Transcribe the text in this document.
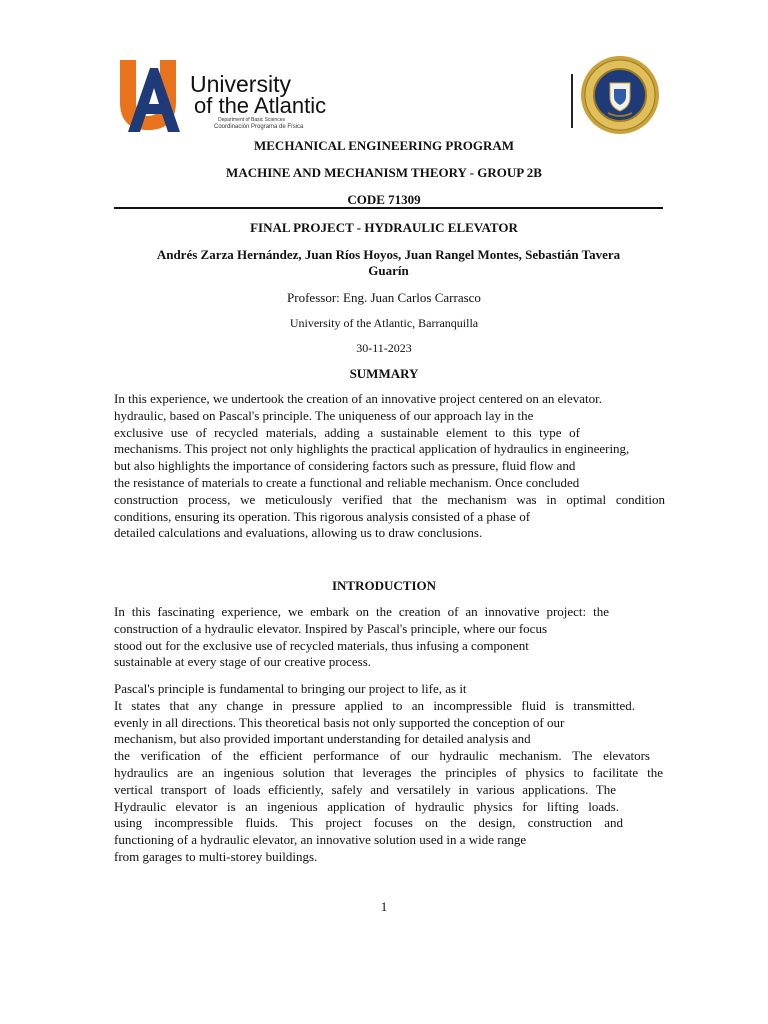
University
of the Atlantic
Department of Basic Sciences
Coordinación Programa de Física
MECHANICAL ENGINEERING PROGRAM
MACHINE AND MECHANISM THEORY - GROUP 2B
CODE 71309
FINAL PROJECT - HYDRAULIC ELEVATOR
Andrés Zarza Hernández, Juan Ríos Hoyos, Juan Rangel Montes, Sebastián Tavera
Guarín
Professor: Eng. Juan Carlos Carrasco
University of the Atlantic, Barranquilla
30-11-2023
SUMMARY
In this experience, we undertook the creation of an innovative project centered on an elevator.
hydraulic, based on Pascal's principle. The uniqueness of our approach lay in the
exclusive use of recycled materials, adding a sustainable element to this type of
mechanisms. This project not only highlights the practical application of hydraulics in engineering,
but also highlights the importance of considering factors such as pressure, fluid flow and
the resistance of materials to create a functional and reliable mechanism. Once concluded
construction process, we meticulously verified that the mechanism was in optimal condition
conditions, ensuring its operation. This rigorous analysis consisted of a phase of
detailed calculations and evaluations, allowing us to draw conclusions.
INTRODUCTION
In this fascinating experience, we embark on the creation of an innovative project: the
construction of a hydraulic elevator. Inspired by Pascal's principle, where our focus
stood out for the exclusive use of recycled materials, thus infusing a component
sustainable at every stage of our creative process.
Pascal's principle is fundamental to bringing our project to life, as it
It states that any change in pressure applied to an incompressible fluid is transmitted.
evenly in all directions. This theoretical basis not only supported the conception of our
mechanism, but also provided important understanding for detailed analysis and
the verification of the efficient performance of our hydraulic mechanism. The elevators
hydraulics are an ingenious solution that leverages the principles of physics to facilitate the
vertical transport of loads efficiently, safely and versatilely in various applications. The
Hydraulic elevator is an ingenious application of hydraulic physics for lifting loads.
using incompressible fluids. This project focuses on the design, construction and
functioning of a hydraulic elevator, an innovative solution used in a wide range
from garages to multi-storey buildings.
1
